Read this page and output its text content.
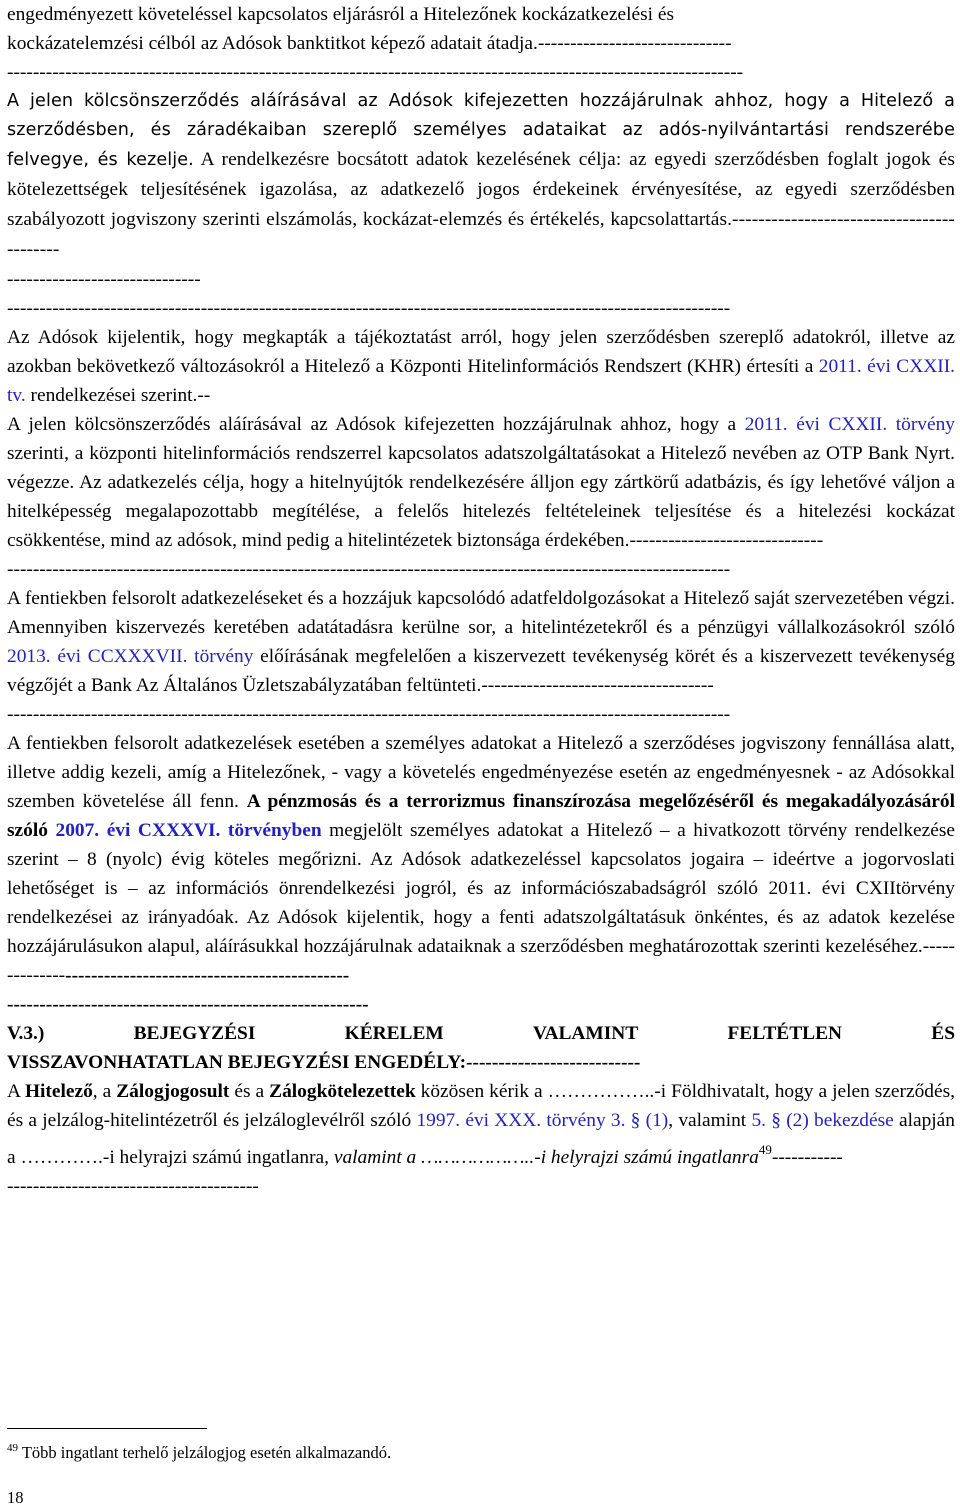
engedményezett követeléssel kapcsolatos eljárásról a Hitelezőnek kockázatkezelési és

kockázatelemzési célból az Adósok banktitkot képező adatait átadja.------------------------------

------------------------------------------------------------------------------------------------------------------

A jelen kölcsönszerződés aláírásával az Adósok kifejezetten hozzájárulnak ahhoz, hogy a Hitelező a szerződésben, és záradékaiban szereplő személyes adataikat az adós-nyilvántartási rendszerébe felvegye, és kezelje. A rendelkezésre bocsátott adatok kezelésének célja: az egyedi szerződésben foglalt jogok és kötelezettségek teljesítésének igazolása, az adatkezelő jogos érdekeinek érvényesítése, az egyedi szerződésben szabályozott jogviszony szerinti elszámolás, kockázat-elemzés és értékelés, kapcsolattartás.------------------------------------------

------------------------------

----------------------------------------------------------------------------------------------------------------

Az Adósok kijelentik, hogy megkapták a tájékoztatást arról, hogy jelen szerződésben szereplő adatokról, illetve az azokban bekövetkező változásokról a Hitelező a Központi Hitelinformációs Rendszert (KHR) értesíti a 2011. évi CXXII. tv. rendelkezései szerint.--

A jelen kölcsönszerződés aláírásával az Adósok kifejezetten hozzájárulnak ahhoz, hogy a 2011. évi CXXII. törvény szerinti, a központi hitelinformációs rendszerrel kapcsolatos adatszolgáltatásokat a Hitelező nevében az OTP Bank Nyrt. végezze. Az adatkezelés célja, hogy a hitelnyújtók rendelkezésére álljon egy zártkörű adatbázis, és így lehetővé váljon a hitelképesség megalapozottabb megítélése, a felelős hitelezés feltételeinek teljesítése és a hitelezési kockázat csökkentése, mind az adósok, mind pedig a hitelintézetek biztonsága érdekében.------------------------------

----------------------------------------------------------------------------------------------------------------

A fentiekben felsorolt adatkezeléseket és a hozzájuk kapcsolódó adatfeldolgozásokat a Hitelező saját szervezetében végzi. Amennyiben kiszervezés keretében adatátadásra kerülne sor, a hitelintézetekről és a pénzügyi vállalkozásokról szóló 2013. évi CCXXXVII. törvény előírásának megfelelően a kiszervezett tevékenység körét és a kiszervezett tevékenység végzőjét a Bank Az Általános Üzletszabályzatában feltünteti.------------------------------------

----------------------------------------------------------------------------------------------------------------

A fentiekben felsorolt adatkezelések esetében a személyes adatokat a Hitelező a szerződéses jogviszony fennállása alatt, illetve addig kezeli, amíg a Hitelezőnek, - vagy a követelés engedményezése esetén az engedményesnek - az Adósokkal szemben követelése áll fenn. A pénzmosás és a terrorizmus finanszírozása megelőzéséről és megakadályozásáról szóló 2007. évi CXXXVI. törvényben megjelölt személyes adatokat a Hitelező – a hivatkozott törvény rendelkezése szerint – 8 (nyolc) évig köteles megőrizni. Az Adósok adatkezeléssel kapcsolatos jogaira – ideértve a jogorvoslati lehetőséget is – az információs önrendelkezési jogról, és az információszabadságról szóló 2011. évi CXIItörvény rendelkezései az irányadóak. Az Adósok kijelentik, hogy a fenti adatszolgáltatásuk önkéntes, és az adatok kezelése hozzájárulásukon alapul, aláírásukkal hozzájárulnak adataiknak a szerződésben meghatározottak szerinti kezeléséhez.----------------------------------------------------------

--------------------------------------------------------

V.3.)	BEJEGYZÉSI	KÉRELEM	VALAMINT	FELTÉTLEN	ÉS

VISSZAVONHATATLAN BEJEGYZÉSI ENGEDÉLY:---------------------------

A Hitelező, a Zálogjogosult és a Zálogkötelezettek közösen kérik a ……………..-i Földhivatalt, hogy a jelen szerződés, és a jelzálog-hitelintézetről és jelzáloglevélről szóló 1997. évi XXX. törvény 3. § (1), valamint 5. § (2) bekezdése alapján a ………….-i helyrajzi számú ingatlanra, valamint a ………………..-i helyrajzi számú ingatlanra$^{49}$-----------

---------------------------------------

$^{49}$ Több ingatlant terhelő jelzálogjog esetén alkalmazandó.
18
